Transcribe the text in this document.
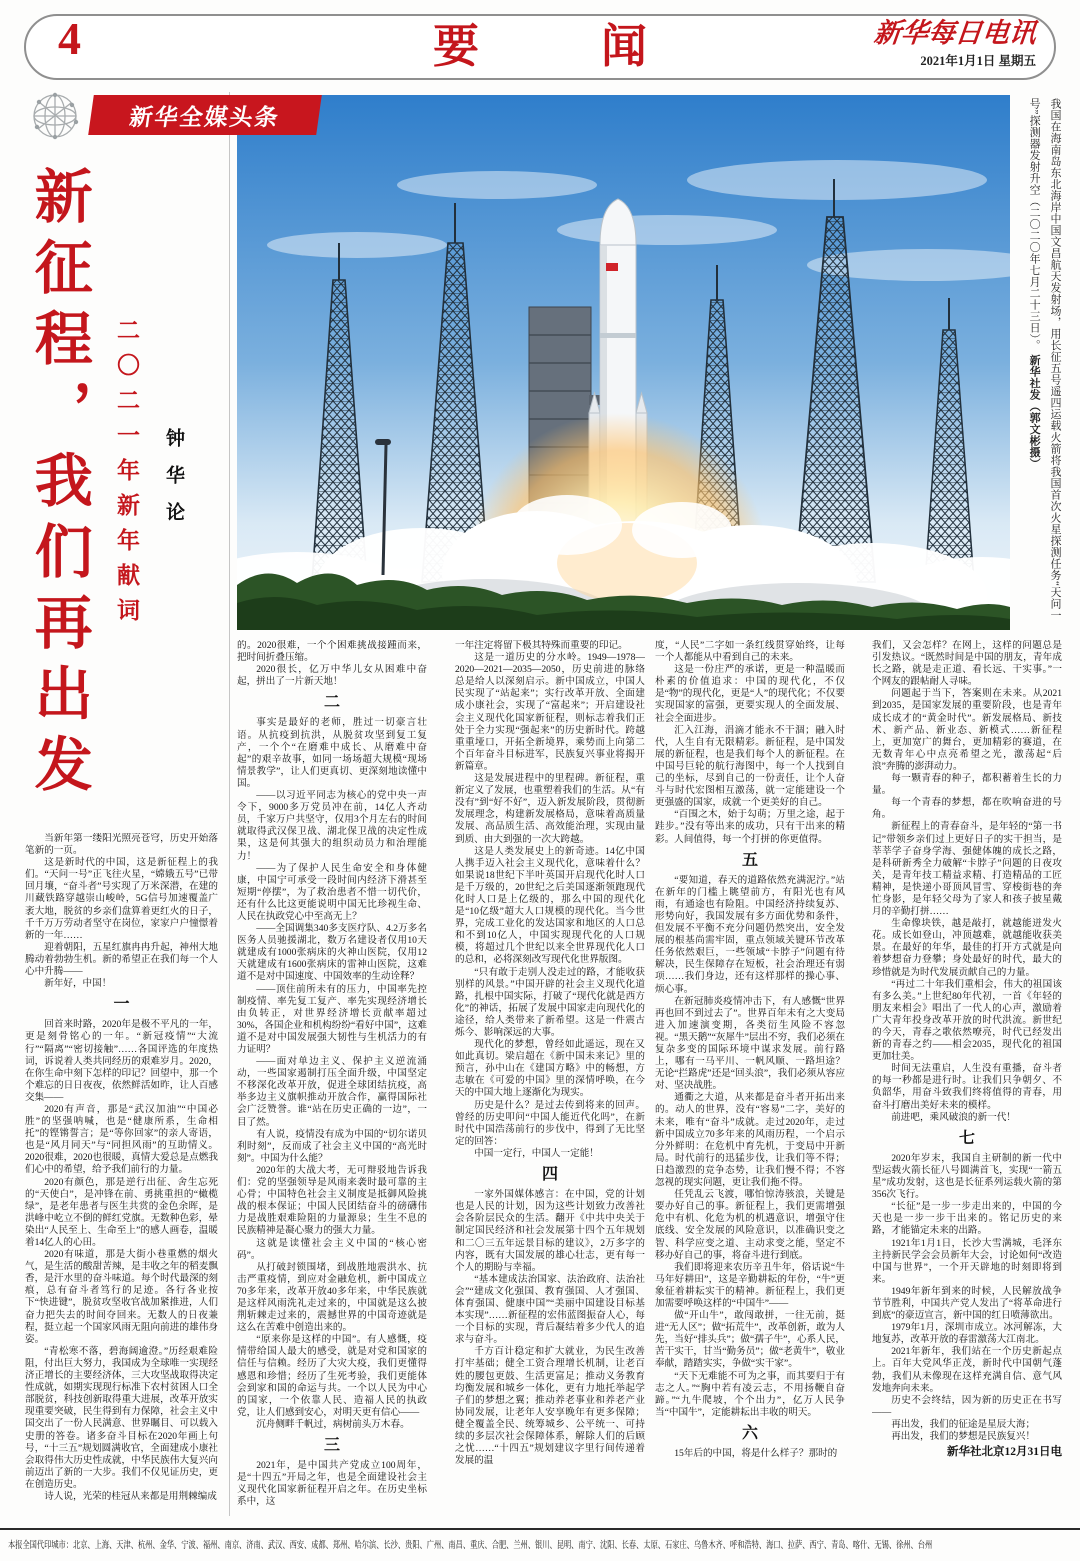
4	要　闻	新华每日电讯
2021年1月1日 星期五
新华全媒头条
新征程，我们再出发 二〇二一年新年献词 钟华论	我国在海南岛东北海岸中国文昌航天发射场，用长征五号遥四运载火箭将我国首次火星探测任务“天问一号”探测器发射升空（二〇二〇年七月二十三日）。 新华社发（郭文彬摄）

当新年第一缕阳光照亮苍穹，历史开始落笔新的一页。

这是新时代的中国，这是新征程上的我们。“天问一号”正飞往火星，“嫦娥五号”已带回月壤，“奋斗者”号实现了万米深潜，在建的川藏铁路穿越崇山峻岭，5G信号加速覆盖广袤大地，脱贫的乡亲们盘算着更红火的日子，千千万万劳动者坚守在岗位，家家户户憧憬着新的一年……

迎着朝阳，五星红旗冉冉升起，神州大地腾动着勃勃生机。新的希望正在我们每一个人心中升腾——

新年好，中国！

一

回首来时路，2020年是极不平凡的一年，更是刻骨铭心的一年。“新冠疫情”“大流行”“隔离”“密切接触”……各国评选的年度热词，诉说着人类共同经历的艰难岁月。2020，在你生命中刻下怎样的印记？回望中，那一个个难忘的日日夜夜，依然鲜活如昨，让人百感交集——

2020有声音，那是“武汉加油”“中国必胜”的坚强呐喊，也是“健康所系，生命相托”的铿锵誓言；是“等你回家”的亲人寄语，也是“风月同天”与“同担风雨”的互助情义。2020很难，2020也很暖，真情大爱总是点燃我们心中的希望，给予我们前行的力量。

2020有颜色，那是逆行出征、舍生忘死的“天使白”，是冲锋在前、勇挑重担的“橄榄绿”，是老年患者与医生共赏的金色余晖，是洪峰中屹立不倒的鲜红党旗。无数种色彩，晕染出“人民至上、生命至上”的感人画卷，温暖着14亿人的心田。

2020有味道，那是大街小巷重燃的烟火气，是生活的酸甜苦辣，是丰收之年的稻麦飘香，是汗水里的奋斗味道。每个时代最深的刻痕，总有奋斗者笃行的足迹。各行各业按下“快进键”，脱贫攻坚收官战加紧推进，人们奋力把失去的时间夺回来。无数人的日夜兼程，挺立起一个国家风雨无阻向前进的雄伟身姿。

“青松寒不落，碧海阔逾澄。”历经艰难险阻，付出巨大努力，我国成为全球唯一实现经济正增长的主要经济体，三大攻坚战取得决定性成就，如期实现现行标准下农村贫困人口全部脱贫，科技创新取得重大进展，改革开放实现重要突破，民生得到有力保障，社会主义中国交出了一份人民满意、世界瞩目、可以载入史册的答卷。诸多奋斗目标在2020年画上句号，“十三五”规划圆满收官，全面建成小康社会取得伟大历史性成就，中华民族伟大复兴向前迈出了新的一大步。我们不仅见证历史，更在创造历史。

诗人说，光荣的桂冠从来都是用荆棘编成

的。2020很难，一个个困难挑战接踵而来，把时间折叠压缩。

2020很长，亿万中华儿女从困难中奋起，拼出了一片新天地！

二

事实是最好的老师，胜过一切豪言壮语。从抗疫到抗洪，从脱贫攻坚到复工复产，一个个“在磨难中成长、从磨难中奋起”的艰辛故事，如同一场场超大规模“现场情景教学”，让人们更真切、更深刻地读懂中国。

——以习近平同志为核心的党中央一声令下，9000多万党员冲在前，14亿人齐动员，千家万户共坚守，仅用3个月左右的时间就取得武汉保卫战、湖北保卫战的决定性成果，这是何其强大的组织动员力和治理能力！

——为了保护人民生命安全和身体健康，中国宁可承受一段时间内经济下滑甚至短期“停摆”，为了救治患者不惜一切代价，还有什么比这更能说明中国无比珍视生命、人民在执政党心中至高无上？

——全国调集340多支医疗队、4.2万多名医务人员驰援湖北，数万名建设者仅用10天就建成有1000张病床的火神山医院，仅用12天就建成有1600张病床的雷神山医院，这难道不是对中国速度、中国效率的生动诠释？

——顶住前所未有的压力，中国率先控制疫情、率先复工复产、率先实现经济增长由负转正，对世界经济增长贡献率超过30%，各国企业和机构纷纷“看好中国”，这难道不是对中国发展强大韧性与生机活力的有力证明？

——面对单边主义、保护主义逆流涌动，一些国家遏制打压全面升级，中国坚定不移深化改革开放，促进全球团结抗疫，高举多边主义旗帜推动开放合作，赢得国际社会广泛赞誉。谁“站在历史正确的一边”，一目了然。

有人说，疫情没有成为中国的“切尔诺贝利时刻”，反而成了社会主义中国的“高光时刻”。中国为什么能？

2020年的大战大考，无可辩驳地告诉我们：党的坚强领导是风雨来袭时最可靠的主心骨；中国特色社会主义制度是抵御风险挑战的根本保证；中国人民团结奋斗的磅礴伟力是战胜艰难险阻的力量源泉；生生不息的民族精神是凝心聚力的强大力量。

这就是读懂社会主义中国的“核心密码”。

从打破封锁围堵，到战胜地震洪水、抗击严重疫情，到应对金融危机，新中国成立70多年来，改革开放40多年来，中华民族就是这样风雨洗礼走过来的，中国就是这么披荆斩棘走过来的，震撼世界的中国奇迹就是这么在苦难中创造出来的。

“原来你是这样的中国”。有人感慨，疫情带给国人最大的感受，就是对党和国家的信任与信赖。经历了大灾大疫，我们更懂得感恩和珍惜；经历了生死考验，我们更能体会到家和国的命运与共。一个以人民为中心的国家，一个依靠人民、造福人民的执政党，让人们感到安心，对明天更有信心——

沉舟侧畔千帆过，病树前头万木春。

三

2021年，是中国共产党成立100周年，是“十四五”开局之年，也是全面建设社会主义现代化国家新征程开启之年。在历史坐标系中，这

一年注定将留下极其特殊而重要的印记。

这是一道历史的分水岭。1949—1978—2020—2021—2035—2050，历史前进的脉络总是给人以深刻启示。新中国成立，中国人民实现了“站起来”；实行改革开放、全面建成小康社会，实现了“富起来”；开启建设社会主义现代化国家新征程，则标志着我们正处于全力实现“强起来”的历史新时代。跨越重重垭口，开拓全新境界，乘势而上向第二个百年奋斗目标进军，民族复兴事业将揭开新篇章。

这是发展进程中的里程碑。新征程，重新定义了发展，也重塑着我们的生活。从“有没有”到“好不好”，迈入新发展阶段，贯彻新发展理念，构建新发展格局，意味着高质量发展、高品质生活、高效能治理，实现由量到质、由大到强的一次大跨越。

这是人类发展史上的新奇迹。14亿中国人携手迈入社会主义现代化，意味着什么？如果说18世纪下半叶英国开启现代化时人口是千万级的，20世纪之后美国逐渐领跑现代化时人口是上亿级的，那么中国的现代化是“10亿级”超大人口规模的现代化。当今世界，完成工业化的发达国家和地区的人口总和不到10亿人，中国实现现代化的人口规模，将超过几个世纪以来全世界现代化人口的总和，必将深刻改写现代化世界版图。

“只有敢于走别人没走过的路，才能收获别样的风景。”中国开辟的社会主义现代化道路，扎根中国实际，打破了“现代化就是西方化”的神话，拓展了发展中国家走向现代化的途径，给人类带来了新希望。这是一件震古烁今、影响深远的大事。

现代化的梦想，曾经如此遥远，现在又如此真切。梁启超在《新中国未来记》里的预言，孙中山在《建国方略》中的畅想，方志敏在《可爱的中国》里的深情呼唤，在今天的中国大地上逐渐化为现实。

历史是什么？是过去传到将来的回声。曾经的历史叩问“中国人能近代化吗”，在新时代中国浩荡前行的步伐中，得到了无比坚定的回答：

中国一定行，中国人一定能！

四

一家外国媒体感言：在中国，党的计划也是人民的计划，因为这些计划致力改善社会各阶层民众的生活。翻开《中共中央关于制定国民经济和社会发展第十四个五年规划和二〇三五年远景目标的建议》，2万多字的内容，既有大国发展的雄心壮志，更有每一个人的期盼与幸福。

“基本建成法治国家、法治政府、法治社会”“建成文化强国、教育强国、人才强国、体育强国、健康中国”“美丽中国建设目标基本实现”……新征程的宏伟蓝图振奋人心，每一个目标的实现，背后凝结着多少代人的追求与奋斗。

千方百计稳定和扩大就业，为民生改善打牢基础；健全工资合理增长机制，让老百姓的腰包更鼓、生活更富足；推动义务教育均衡发展和城乡一体化，更有力地托举起学子们的梦想之翼；推动养老事业和养老产业协同发展，让老年人安享晚年有更多保障；健全覆盖全民、统筹城乡、公平统一、可持续的多层次社会保障体系，解除人们的后顾之忧……“十四五”规划建议字里行间传递着发展的温

度，“人民”二字如一条红线贯穿始终，让每一个人都能从中看到自己的未来。

这是一份庄严的承诺，更是一种温暖而朴素的价值追求：中国的现代化，不仅是“物”的现代化，更是“人”的现代化；不仅要实现国家的富强，更要实现人的全面发展、社会全面进步。

汇入江海，涓滴才能永不干涸；融入时代，人生自有无限精彩。新征程，是中国发展的新征程，也是我们每个人的新征程。在中国号巨轮的航行海图中，每一个人找到自己的坐标，尽到自己的一份责任，让个人奋斗与时代宏图相互激荡，就一定能建设一个更强盛的国家，成就一个更美好的自己。

“百围之木，始于勾萌；万里之途，起于跬步。”没有等出来的成功，只有干出来的精彩。人间值得，每一个打拼的你更值得。

五

“要知道，春天的道路依然充满泥泞。”站在新年的门槛上眺望前方，有阳光也有风雨，有通途也有险阻。中国经济持续复苏、形势向好，我国发展有多方面优势和条件，但发展不平衡不充分问题仍然突出，安全发展的根基尚需牢固，重点领域关键环节改革任务依然艰巨，一些领域“卡脖子”问题有待解决，民生保障存在短板，社会治理还有弱项……我们身边，还有这样那样的操心事、烦心事。

在新冠肺炎疫情冲击下，有人感慨“世界再也回不到过去了”。世界百年未有之大变局进入加速演变期，各类衍生风险不容忽视。“黑天鹅”“灰犀牛”层出不穷，我们必须在复杂多变的国际环境中谋求发展。前行路上，哪有一马平川、一帆风顺、一路坦途？无论“拦路虎”还是“回头浪”，我们必须从容应对、坚决战胜。

通衢之大道，从来都是奋斗者开拓出来的。动人的世界，没有“容易”二字，美好的未来，唯有“奋斗”成就。走过2020年，走过新中国成立70多年来的风雨历程，一个启示分外鲜明：在危机中育先机，于变局中开新局。时代前行的迅猛步伐，让我们等不得；日趋激烈的竞争态势，让我们慢不得；不容忽视的现实问题，更让我们拖不得。

任凭乱云飞渡，哪怕惊涛骇浪，关键是要办好自己的事。新征程上，我们更需增强危中有机、化危为机的机遇意识，增强守住底线、安全发展的风险意识，以准确识变之智、科学应变之道、主动求变之能，坚定不移办好自己的事，将奋斗进行到底。

我们即将迎来农历辛丑牛年，俗话说“牛马年好耕田”，这是辛勤耕耘的年份，“牛”更象征着耕耘实干的精神。新征程上，我们更加需要呼唤这样的“中国牛”——

做“开山牛”，敢闯敢拼，一往无前，挺进“无人区”；做“拓荒牛”，改革创新，敢为人先，当好“排头兵”；做“孺子牛”，心系人民，苦干实干，甘当“勤务员”；做“老黄牛”，敬业奉献，踏踏实实，争做“实干家”。

“天下无难能不可为之事，而其要归于有志之人。”“胸中若有凌云志，不用扬鞭自奋蹄。”“九牛爬坡，个个出力”，亿万人民争当“中国牛”，定能耕耘出丰收的明天。

六

15年后的中国，将是什么样子？那时的

我们，又会怎样？在网上，这样的问题总是引发热议。“既然时间是中国的朋友，青年成长之路，就是走正道、看长远、干实事。”一个网友的跟帖耐人寻味。

问题起于当下，答案则在未来。从2021到2035，是国家发展的重要阶段，也是青年成长成才的“黄金时代”。新发展格局、新技术、新产品、新业态、新模式……新征程上，更加宽广的舞台，更加精彩的赛道，在无数青年心中点亮希望之光，激荡起“后浪”奔腾的澎湃动力。

每一颗青春的种子，都积蓄着生长的力量。

每一个青春的梦想，都在吹响奋进的号角。

新征程上的青春奋斗，是年轻的“第一书记”带领乡亲们过上更好日子的实干担当，是莘莘学子奋身学海、强健体魄的成长之路，是科研新秀全力破解“卡脖子”问题的日夜攻关，是青年技工精益求精、打造精品的工匠精神，是快递小哥顶风冒雪、穿梭街巷的奔忙身影，是年轻父母为了家人和孩子披星戴月的辛勤打拼……

生命像块铁，越是敲打，就越能迸发火花。成长如登山，冲顶越难，就越能收获美景。在最好的年华，最佳的打开方式就是向着梦想奋力登攀；身处最好的时代，最大的珍惜就是为时代发展贡献自己的力量。

“再过二十年我们重相会，伟大的祖国该有多么美。”上世纪80年代初，一首《年轻的朋友来相会》唱出了一代人的心声，激励着广大青年投身改革开放的时代洪流。新世纪的今天，青春之歌依然嘹亮，时代已经发出新的青春之约——相会2035，现代化的祖国更加壮美。

时间无法重启，人生没有重播，奋斗者的每一秒都是进行时。让我们只争朝夕、不负韶华，用奋斗致我们终将值得的青春，用奋斗打磨出美好未来的模样。

前进吧，乘风破浪的新一代！

七

2020年岁末，我国自主研制的新一代中型运载火箭长征八号圆满首飞，实现“一箭五星”成功发射，这也是长征系列运载火箭的第356次飞行。

“长征”是一步一步走出来的，中国的今天也是一步一步干出来的。铭记历史的来路，才能锚定未来的出路。

1921年1月1日，长沙大雪满城，毛泽东主持新民学会会员新年大会，讨论如何“改造中国与世界”，一个开天辟地的时刻即将到来。

1949年新年到来的时候，人民解放战争节节胜利，中国共产党人发出了“将革命进行到底”的豪迈宣言，新中国的红日喷薄欲出。

1979年1月，深圳市成立。冰河解冻，大地复苏，改革开放的春雷激荡大江南北。

2021年新年，我们站在一个历史新起点上。百年大党风华正茂，新时代中国朝气蓬勃，我们从未像现在这样充满自信、意气风发地奔向未来。

历史不会终结，因为新的历史正在书写——

再出发，我们的征途是星辰大海；

再出发，我们的梦想是民族复兴！

新华社北京12月31日电

本报全国代印城市：北京、上海、天津、杭州、金华、宁波、福州、南京、济南、武汉、西安、成都、郑州、哈尔滨、长沙、贵阳、广州、南昌、重庆、合肥、兰州、银川、昆明、南宁、沈阳、长春、太原、石家庄、乌鲁木齐、呼和浩特、海口、拉萨、西宁、青岛、喀什、无锡、徐州、台州
